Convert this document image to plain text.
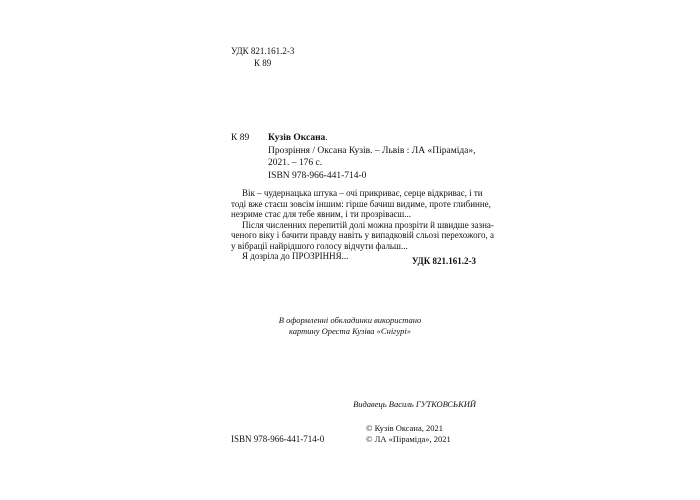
УДК 821.161.2-3
К 89
К 89 Кузів Оксана.
Прозріння / Оксана Кузів. – Львів : ЛА «Піраміда»,
2021. – 176 с.
ISBN 978-966-441-714-0
Вік – чудернацька штука – очі прикриває, серце відкриває, і ти
тоді вже стаєш зовсім іншим: гірше бачиш видиме, проте глибинне,
незриме стає для тебе явним, і ти прозріваєш...
Після численних перепитій долі можна прозріти й швидше зазна-
ченого віку і бачити правду навіть у випадковій сльозі перехожого, а
у вібрації найрідшого голосу відчути фальш...
Я дозріла до ПРОЗРІННЯ...	УДК 821.161.2-3
В оформленні обкладинки використано
картину Ореста Кузіва «Снігурі»
Видавець Василь ГУТКОВСЬКИЙ
ISBN 978-966-441-714-0
© Кузів Оксана, 2021
© ЛА «Піраміда», 2021
